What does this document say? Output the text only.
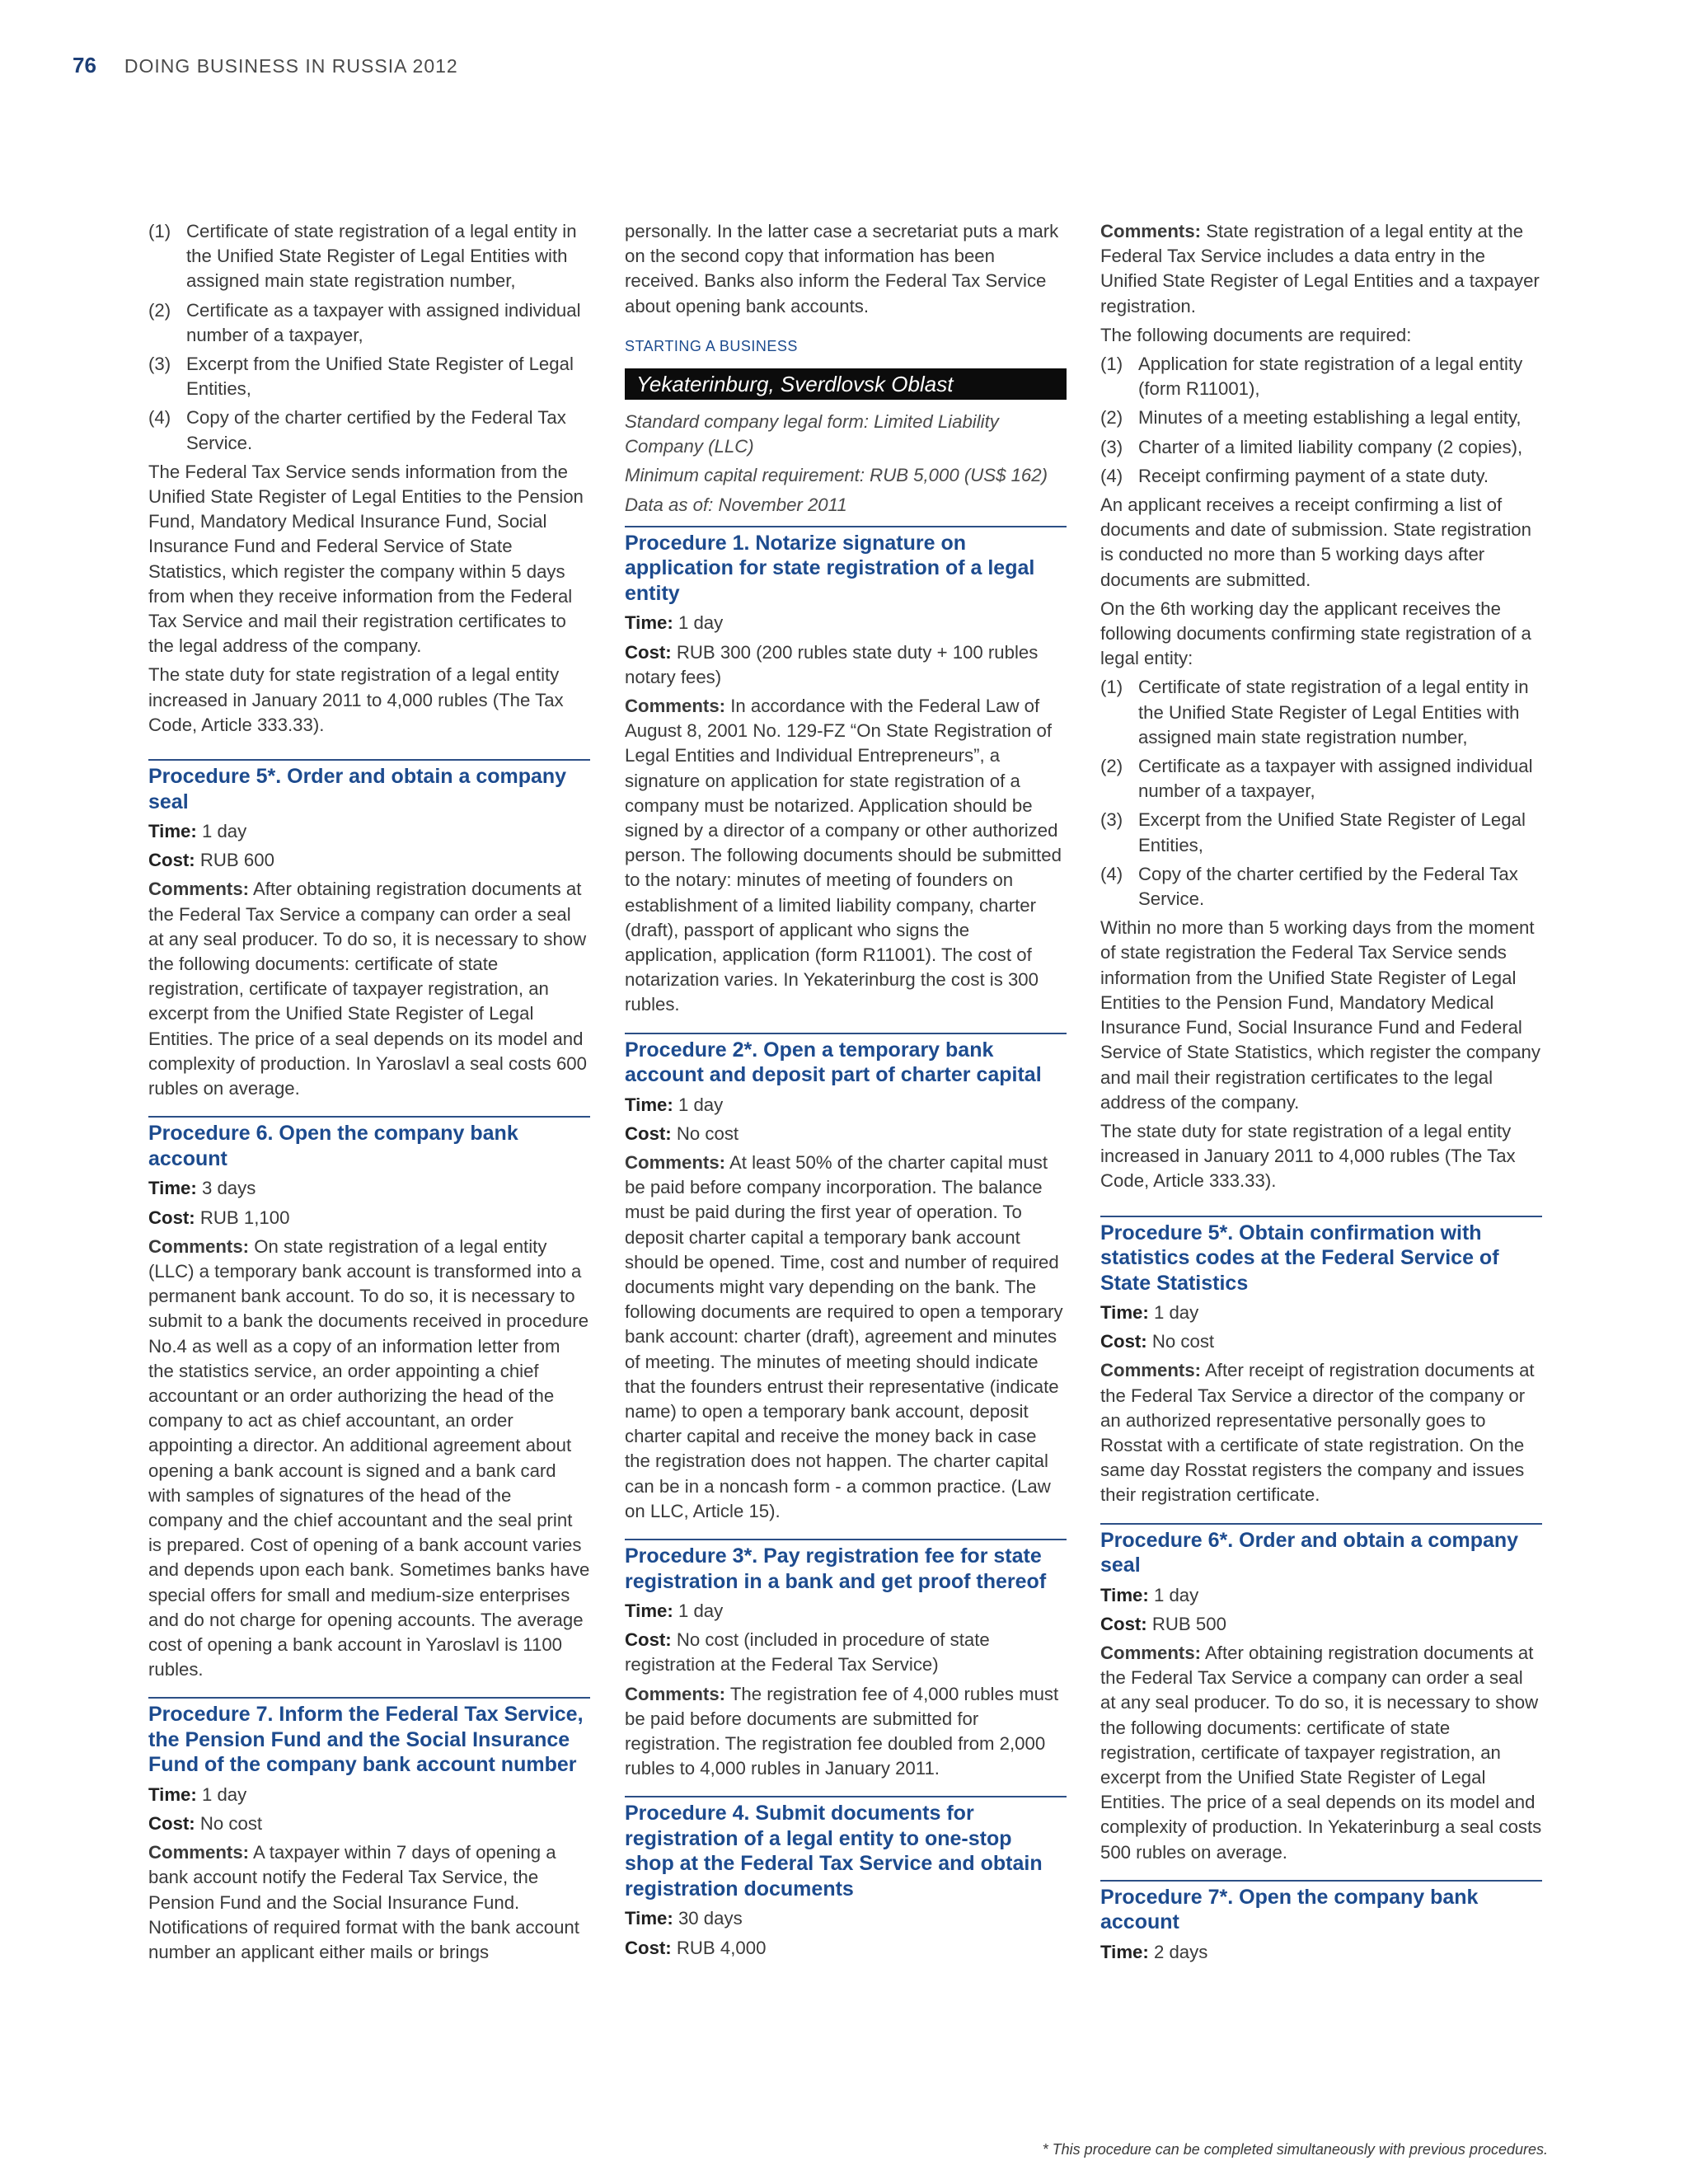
76 DOING BUSINESS IN RUSSIA 2012
(1) Certificate of state registration of a legal entity in the Unified State Register of Legal Entities with assigned main state registration number,
(2) Certificate as a taxpayer with assigned individual number of a taxpayer,
(3) Excerpt from the Unified State Register of Legal Entities,
(4) Copy of the charter certified by the Federal Tax Service.

The Federal Tax Service sends information from the Unified State Register of Legal Entities to the Pension Fund, Mandatory Medical Insurance Fund, Social Insurance Fund and Federal Service of State Statistics, which register the company within 5 days from when they receive information from the Federal Tax Service and mail their registration certificates to the legal address of the company.

The state duty for state registration of a legal entity increased in January 2011 to 4,000 rubles (The Tax Code, Article 333.33).

Procedure 5*. Order and obtain a company seal
Time: 1 day
Cost: RUB 600

Comments: After obtaining registration documents at the Federal Tax Service a company can order a seal at any seal producer. To do so, it is necessary to show the following documents: certificate of state registration, certificate of taxpayer registration, an excerpt from the Unified State Register of Legal Entities. The price of a seal depends on its model and complexity of production. In Yaroslavl a seal costs 600 rubles on average.

Procedure 6. Open the company bank account
Time: 3 days
Cost: RUB 1,100

Comments: On state registration of a legal entity (LLC) a temporary bank account is transformed into a permanent bank account. To do so, it is necessary to submit to a bank the documents received in procedure No.4 as well as a copy of an information letter from the statistics service, an order appointing a chief accountant or an order authorizing the head of the company to act as chief accountant, an order appointing a director. An additional agreement about opening a bank account is signed and a bank card with samples of signatures of the head of the company and the chief accountant and the seal print is prepared. Cost of opening of a bank account varies and depends upon each bank. Sometimes banks have special offers for small and medium-size enterprises and do not charge for opening accounts. The average cost of opening a bank account in Yaroslavl is 1100 rubles.

Procedure 7. Inform the Federal Tax Service, the Pension Fund and the Social Insurance Fund of the company bank account number
Time: 1 day
Cost: No cost

Comments: A taxpayer within 7 days of opening a bank account notify the Federal Tax Service, the Pension Fund and the Social Insurance Fund. Notifications of required format with the bank account number an applicant either mails or brings

personally. In the latter case a secretariat puts a mark on the second copy that information has been received. Banks also inform the Federal Tax Service about opening bank accounts.

STARTING A BUSINESS
Yekaterinburg, Sverdlovsk Oblast

Standard company legal form: Limited Liability Company (LLC)

Minimum capital requirement: RUB 5,000 (US$ 162)

Data as of: November 2011

Procedure 1. Notarize signature on application for state registration of a legal entity
Time: 1 day
Cost: RUB 300 (200 rubles state duty + 100 rubles notary fees)

Comments: In accordance with the Federal Law of August 8, 2001 No. 129-FZ “On State Registration of Legal Entities and Individual Entrepreneurs”, a signature on application for state registration of a company must be notarized. Application should be signed by a director of a company or other authorized person. The following documents should be submitted to the notary: minutes of meeting of founders on establishment of a limited liability company, charter (draft), passport of applicant who signs the application, application (form R11001). The cost of notarization varies. In Yekaterinburg the cost is 300 rubles.

Procedure 2*. Open a temporary bank account and deposit part of charter capital
Time: 1 day
Cost: No cost

Comments: At least 50% of the charter capital must be paid before company incorporation. The balance must be paid during the first year of operation. To deposit charter capital a temporary bank account should be opened. Time, cost and number of required documents might vary depending on the bank. The following documents are required to open a temporary bank account: charter (draft), agreement and minutes of meeting. The minutes of meeting should indicate that the founders entrust their representative (indicate name) to open a temporary bank account, deposit charter capital and receive the money back in case the registration does not happen. The charter capital can be in a noncash form - a common practice. (Law on LLC, Article 15).

Procedure 3*. Pay registration fee for state registration in a bank and get proof thereof
Time: 1 day
Cost: No cost (included in procedure of state registration at the Federal Tax Service)

Comments: The registration fee of 4,000 rubles must be paid before documents are submitted for registration. The registration fee doubled from 2,000 rubles to 4,000 rubles in January 2011.

Procedure 4. Submit documents for registration of a legal entity to one-stop shop at the Federal Tax Service and obtain registration documents
Time: 30 days
Cost: RUB 4,000

Comments: State registration of a legal entity at the Federal Tax Service includes a data entry in the Unified State Register of Legal Entities and a taxpayer registration.

The following documents are required:

(1) Application for state registration of a legal entity (form R11001),
(2) Minutes of a meeting establishing a legal entity,
(3) Charter of a limited liability company (2 copies),
(4) Receipt confirming payment of a state duty.

An applicant receives a receipt confirming a list of documents and date of submission. State registration is conducted no more than 5 working days after documents are submitted.

On the 6th working day the applicant receives the following documents confirming state registration of a legal entity:

(1) Certificate of state registration of a legal entity in the Unified State Register of Legal Entities with assigned main state registration number,
(2) Certificate as a taxpayer with assigned individual number of a taxpayer,
(3) Excerpt from the Unified State Register of Legal Entities,
(4) Copy of the charter certified by the Federal Tax Service.

Within no more than 5 working days from the moment of state registration the Federal Tax Service sends information from the Unified State Register of Legal Entities to the Pension Fund, Mandatory Medical Insurance Fund, Social Insurance Fund and Federal Service of State Statistics, which register the company and mail their registration certificates to the legal address of the company.

The state duty for state registration of a legal entity increased in January 2011 to 4,000 rubles (The Tax Code, Article 333.33).

Procedure 5*. Obtain confirmation with statistics codes at the Federal Service of State Statistics
Time: 1 day
Cost: No cost

Comments: After receipt of registration documents at the Federal Tax Service a director of the company or an authorized representative personally goes to Rosstat with a certificate of state registration. On the same day Rosstat registers the company and issues their registration certificate.

Procedure 6*. Order and obtain a company seal
Time: 1 day
Cost: RUB 500

Comments: After obtaining registration documents at the Federal Tax Service a company can order a seal at any seal producer. To do so, it is necessary to show the following documents: certificate of state registration, certificate of taxpayer registration, an excerpt from the Unified State Register of Legal Entities. The price of a seal depends on its model and complexity of production. In Yekaterinburg a seal costs 500 rubles on average.

Procedure 7*. Open the company bank account
Time: 2 days
* This procedure can be completed simultaneously with previous procedures.
